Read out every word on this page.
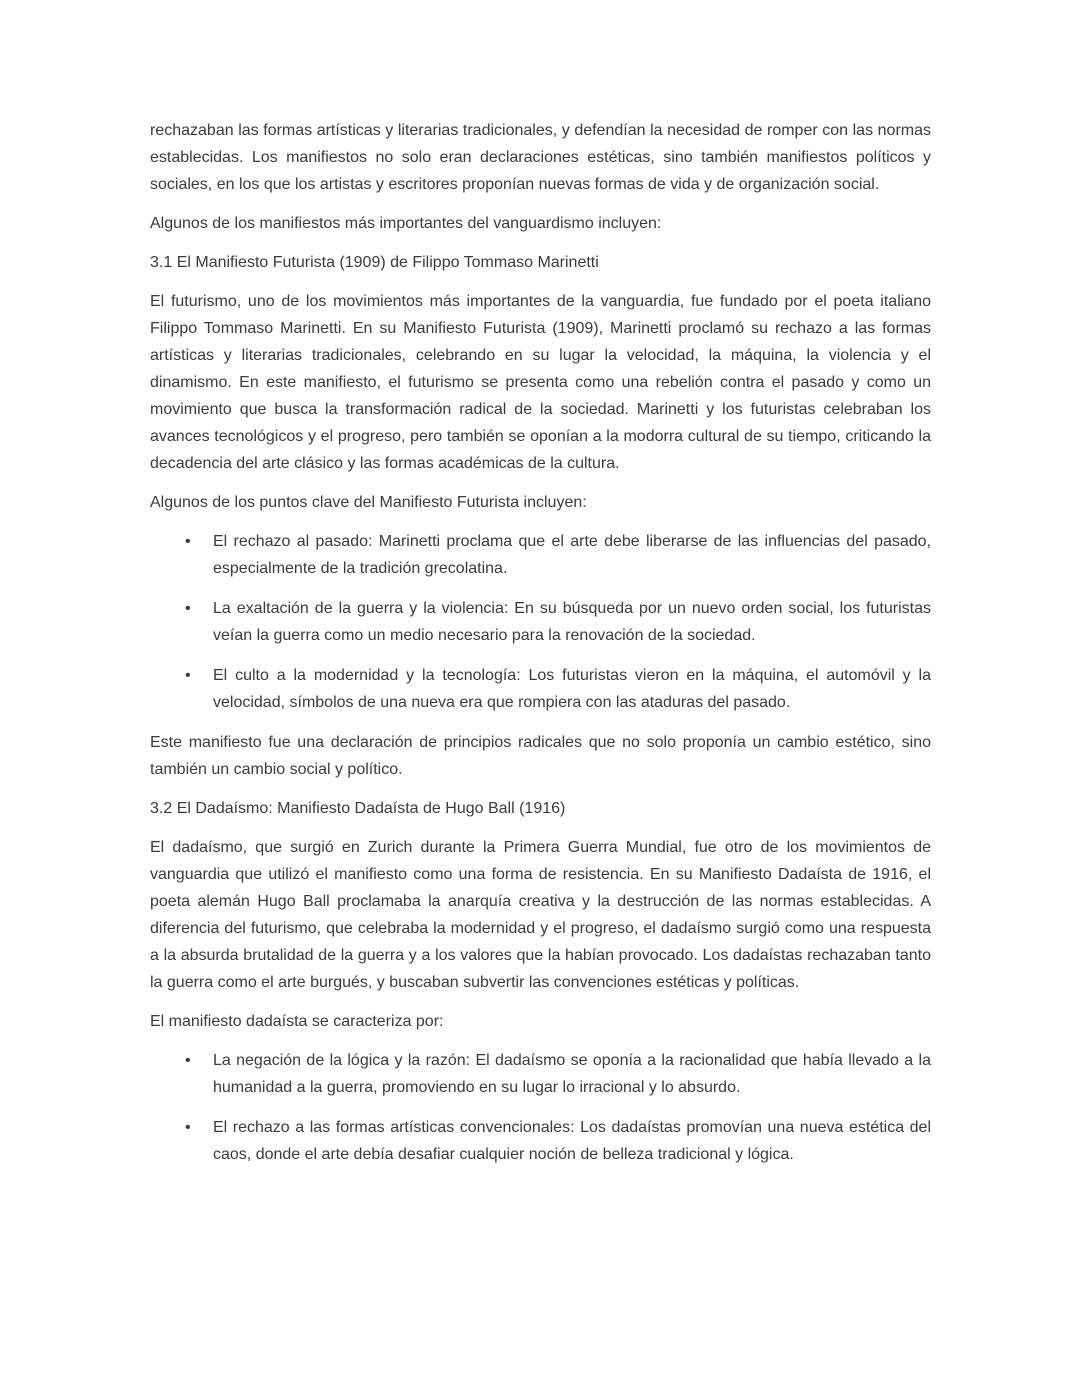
rechazaban las formas artísticas y literarias tradicionales, y defendían la necesidad de romper con las normas establecidas. Los manifiestos no solo eran declaraciones estéticas, sino también manifiestos políticos y sociales, en los que los artistas y escritores proponían nuevas formas de vida y de organización social.

Algunos de los manifiestos más importantes del vanguardismo incluyen:

3.1 El Manifiesto Futurista (1909) de Filippo Tommaso Marinetti

El futurismo, uno de los movimientos más importantes de la vanguardia, fue fundado por el poeta italiano Filippo Tommaso Marinetti. En su Manifiesto Futurista (1909), Marinetti proclamó su rechazo a las formas artísticas y literarias tradicionales, celebrando en su lugar la velocidad, la máquina, la violencia y el dinamismo. En este manifiesto, el futurismo se presenta como una rebelión contra el pasado y como un movimiento que busca la transformación radical de la sociedad. Marinetti y los futuristas celebraban los avances tecnológicos y el progreso, pero también se oponían a la modorra cultural de su tiempo, criticando la decadencia del arte clásico y las formas académicas de la cultura.

Algunos de los puntos clave del Manifiesto Futurista incluyen:

•	El rechazo al pasado: Marinetti proclama que el arte debe liberarse de las influencias del pasado, especialmente de la tradición grecolatina.
•	La exaltación de la guerra y la violencia: En su búsqueda por un nuevo orden social, los futuristas veían la guerra como un medio necesario para la renovación de la sociedad.
•	El culto a la modernidad y la tecnología: Los futuristas vieron en la máquina, el automóvil y la velocidad, símbolos de una nueva era que rompiera con las ataduras del pasado.

Este manifiesto fue una declaración de principios radicales que no solo proponía un cambio estético, sino también un cambio social y político.

3.2 El Dadaísmo: Manifiesto Dadaísta de Hugo Ball (1916)

El dadaísmo, que surgió en Zurich durante la Primera Guerra Mundial, fue otro de los movimientos de vanguardia que utilizó el manifiesto como una forma de resistencia. En su Manifiesto Dadaísta de 1916, el poeta alemán Hugo Ball proclamaba la anarquía creativa y la destrucción de las normas establecidas. A diferencia del futurismo, que celebraba la modernidad y el progreso, el dadaísmo surgió como una respuesta a la absurda brutalidad de la guerra y a los valores que la habían provocado. Los dadaístas rechazaban tanto la guerra como el arte burgués, y buscaban subvertir las convenciones estéticas y políticas.

El manifiesto dadaísta se caracteriza por:

•	La negación de la lógica y la razón: El dadaísmo se oponía a la racionalidad que había llevado a la humanidad a la guerra, promoviendo en su lugar lo irracional y lo absurdo.
•	El rechazo a las formas artísticas convencionales: Los dadaístas promovían una nueva estética del caos, donde el arte debía desafiar cualquier noción de belleza tradicional y lógica.
